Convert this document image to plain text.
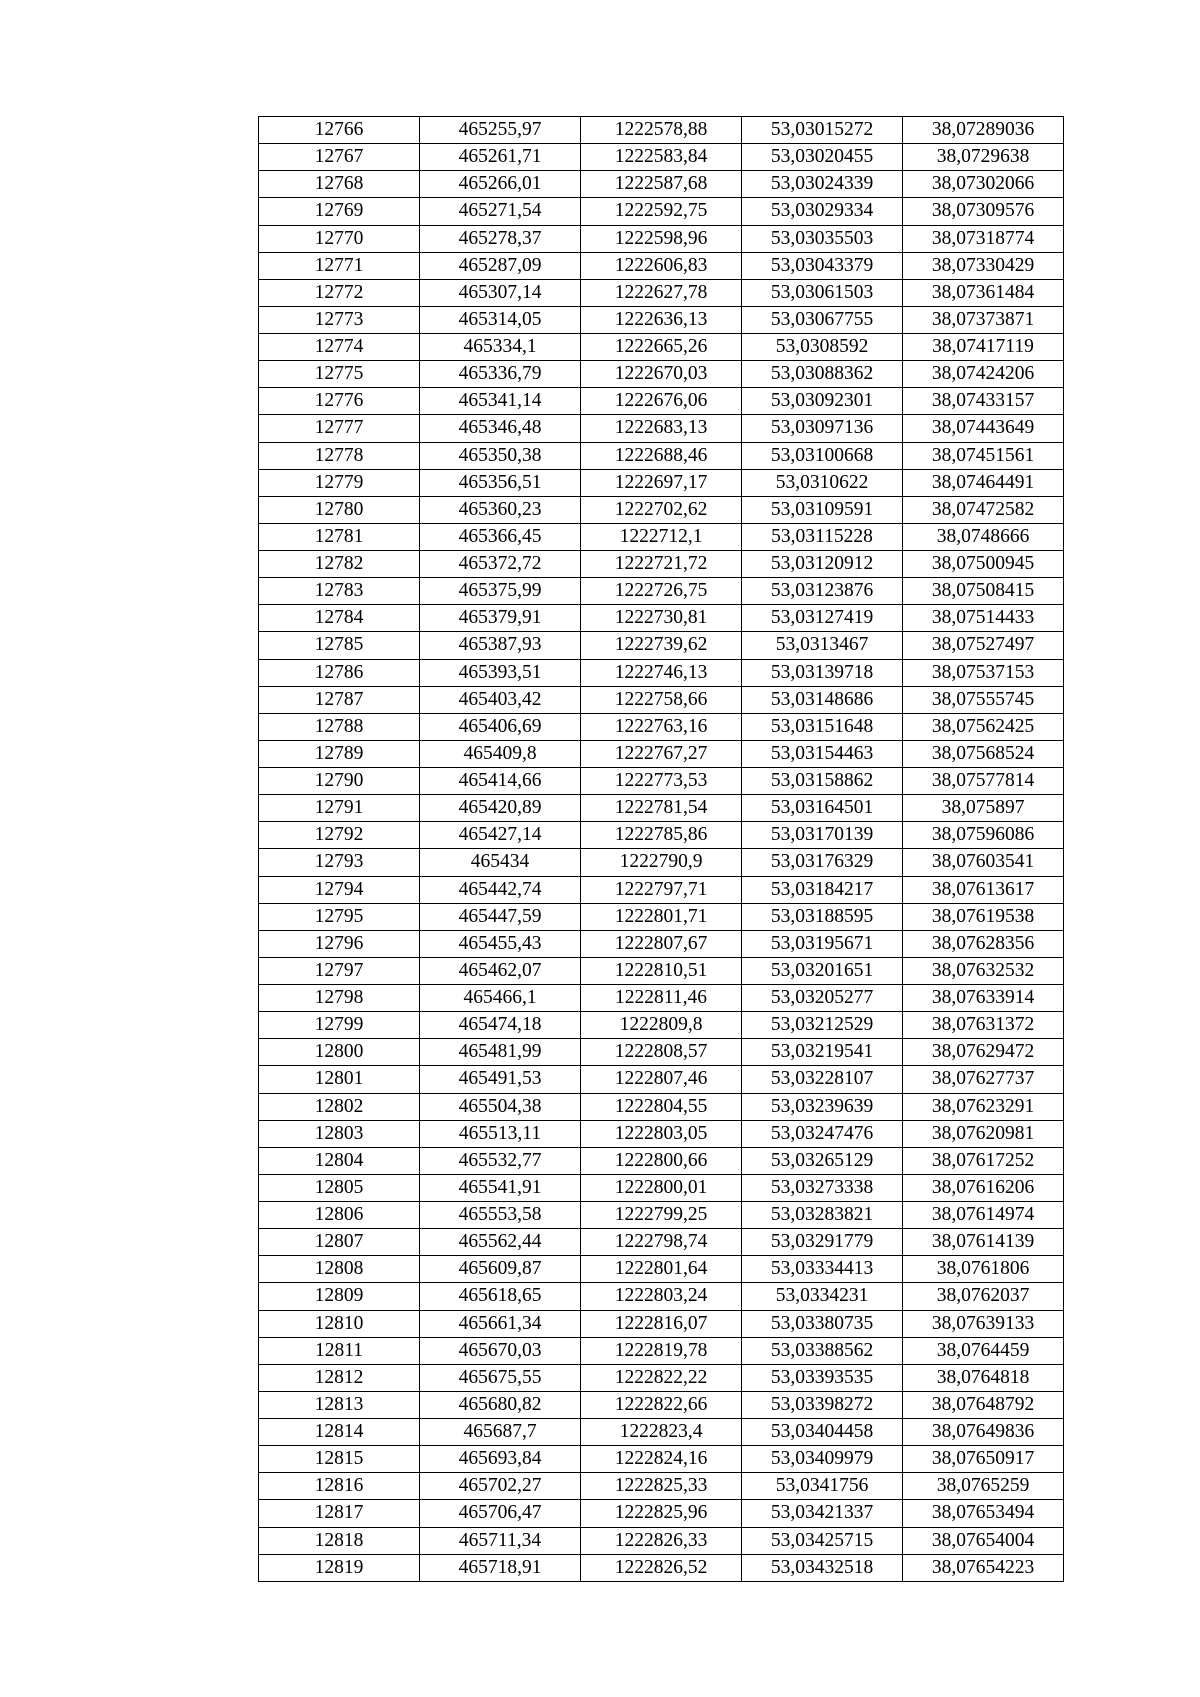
12766	465255,97	1222578,88	53,03015272	38,07289036
12767	465261,71	1222583,84	53,03020455	38,0729638
12768	465266,01	1222587,68	53,03024339	38,07302066
12769	465271,54	1222592,75	53,03029334	38,07309576
12770	465278,37	1222598,96	53,03035503	38,07318774
12771	465287,09	1222606,83	53,03043379	38,07330429
12772	465307,14	1222627,78	53,03061503	38,07361484
12773	465314,05	1222636,13	53,03067755	38,07373871
12774	465334,1	1222665,26	53,0308592	38,07417119
12775	465336,79	1222670,03	53,03088362	38,07424206
12776	465341,14	1222676,06	53,03092301	38,07433157
12777	465346,48	1222683,13	53,03097136	38,07443649
12778	465350,38	1222688,46	53,03100668	38,07451561
12779	465356,51	1222697,17	53,0310622	38,07464491
12780	465360,23	1222702,62	53,03109591	38,07472582
12781	465366,45	1222712,1	53,03115228	38,0748666
12782	465372,72	1222721,72	53,03120912	38,07500945
12783	465375,99	1222726,75	53,03123876	38,07508415
12784	465379,91	1222730,81	53,03127419	38,07514433
12785	465387,93	1222739,62	53,0313467	38,07527497
12786	465393,51	1222746,13	53,03139718	38,07537153
12787	465403,42	1222758,66	53,03148686	38,07555745
12788	465406,69	1222763,16	53,03151648	38,07562425
12789	465409,8	1222767,27	53,03154463	38,07568524
12790	465414,66	1222773,53	53,03158862	38,07577814
12791	465420,89	1222781,54	53,03164501	38,075897
12792	465427,14	1222785,86	53,03170139	38,07596086
12793	465434	1222790,9	53,03176329	38,07603541
12794	465442,74	1222797,71	53,03184217	38,07613617
12795	465447,59	1222801,71	53,03188595	38,07619538
12796	465455,43	1222807,67	53,03195671	38,07628356
12797	465462,07	1222810,51	53,03201651	38,07632532
12798	465466,1	1222811,46	53,03205277	38,07633914
12799	465474,18	1222809,8	53,03212529	38,07631372
12800	465481,99	1222808,57	53,03219541	38,07629472
12801	465491,53	1222807,46	53,03228107	38,07627737
12802	465504,38	1222804,55	53,03239639	38,07623291
12803	465513,11	1222803,05	53,03247476	38,07620981
12804	465532,77	1222800,66	53,03265129	38,07617252
12805	465541,91	1222800,01	53,03273338	38,07616206
12806	465553,58	1222799,25	53,03283821	38,07614974
12807	465562,44	1222798,74	53,03291779	38,07614139
12808	465609,87	1222801,64	53,03334413	38,0761806
12809	465618,65	1222803,24	53,0334231	38,0762037
12810	465661,34	1222816,07	53,03380735	38,07639133
12811	465670,03	1222819,78	53,03388562	38,0764459
12812	465675,55	1222822,22	53,03393535	38,0764818
12813	465680,82	1222822,66	53,03398272	38,07648792
12814	465687,7	1222823,4	53,03404458	38,07649836
12815	465693,84	1222824,16	53,03409979	38,07650917
12816	465702,27	1222825,33	53,0341756	38,0765259
12817	465706,47	1222825,96	53,03421337	38,07653494
12818	465711,34	1222826,33	53,03425715	38,07654004
12819	465718,91	1222826,52	53,03432518	38,07654223
